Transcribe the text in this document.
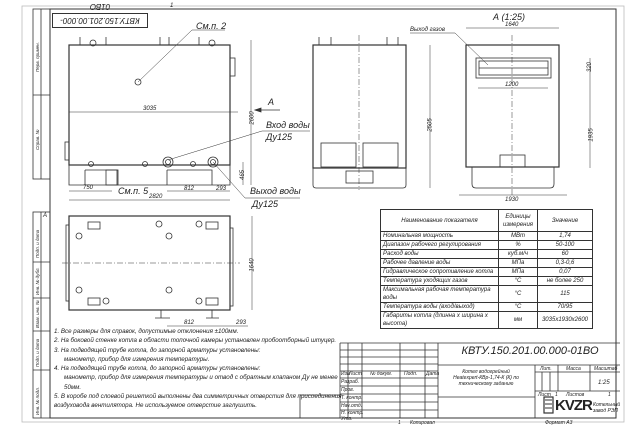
КВТУ.150.201.00.000-01ВО
Перв. примен.
Справ. №
Подп. и дата
Инв. № дубл.
Взам. инв. №
Подп. и дата
Инв. № подл.
А
1
См.п. 2
См.п. 5
Вход воды
Ду125
Выход воды
Ду125
A
3035
2600
465
750
2820
812	293
А (1:25)
Выход газов
1640
320
1200
2505
1935
1930
1640
812	293
Наименование показателя	Единицы измерения	Значение
Номинальная мощность	МВт	1,74
Диапазон рабочего регулирования	%	50-100
Расход воды	куб.м/ч	60
Рабочее давление воды	МПа	0,3-0,6
Гидравлическое сопротивление котла	МПа	0,07
Температура уходящих газов	°С	не более 250
Максимальная рабочая температура воды	°С	115
Температура воды (вход/выход)	°С	70/95
Габариты котла (длинна х ширина х высота)	мм	3035х1930х2600
1. Все размеры для справок, допустимые отклонения ±100мм.
2. На боковой стенке котла в области топочной камеры установлен пробоотборный штуцер.
3. На подводящей трубе котла, до запорной арматуры установлены:
манометр, прибор для измерения температуры.
4. На подводящей трубе котла, до запорной арматуры установлены:
манометр, прибор для измерения температуры и отвод с обратным клапаном Ду не менее 50мм.
5. В коробе под слоевой решеткой выполнены два симметричных отверстия для присоединения воздуховода вентилятора. Не используемое отверстие заглушить.
КВТУ.150.201.00.000-01ВО
Изм
Лист № докум. Подп. Дата
Разраб.
Пров.
Т. контр.
Нач.отд.
Н. контр.
Утв.
Котел водогрейный Heatexpert-КВр-1,74-К (К) по техническому заданию
Лит.	Масса	Масштаб
1:25
Лист 1 Листов	1
KVZR Котельный завод РЭП
1 Копировал	Формат А3
